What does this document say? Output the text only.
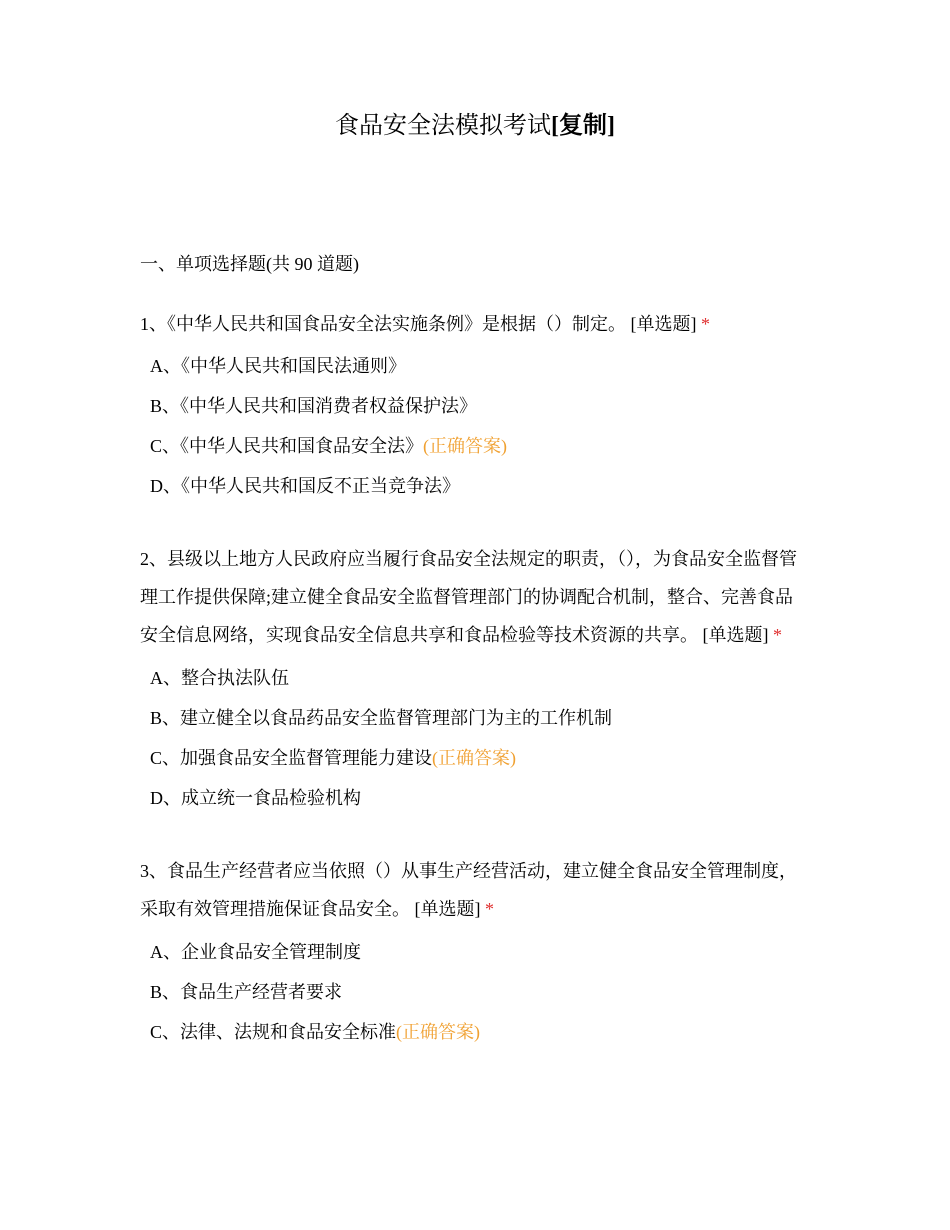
食品安全法模拟考试[复制]
一、单项选择题(共 90 道题)
1、《中华人民共和国食品安全法实施条例》是根据（）制定。 [单选题] *
A、《中华人民共和国民法通则》
B、《中华人民共和国消费者权益保护法》
C、《中华人民共和国食品安全法》(正确答案)
D、《中华人民共和国反不正当竞争法》
2、县级以上地方人民政府应当履行食品安全法规定的职责，（），为食品安全监督管理工作提供保障;建立健全食品安全监督管理部门的协调配合机制，整合、完善食品安全信息网络，实现食品安全信息共享和食品检验等技术资源的共享。 [单选题] *
A、整合执法队伍
B、建立健全以食品药品安全监督管理部门为主的工作机制
C、加强食品安全监督管理能力建设(正确答案)
D、成立统一食品检验机构
3、食品生产经营者应当依照（）从事生产经营活动，建立健全食品安全管理制度，采取有效管理措施保证食品安全。 [单选题] *
A、企业食品安全管理制度
B、食品生产经营者要求
C、法律、法规和食品安全标准(正确答案)
